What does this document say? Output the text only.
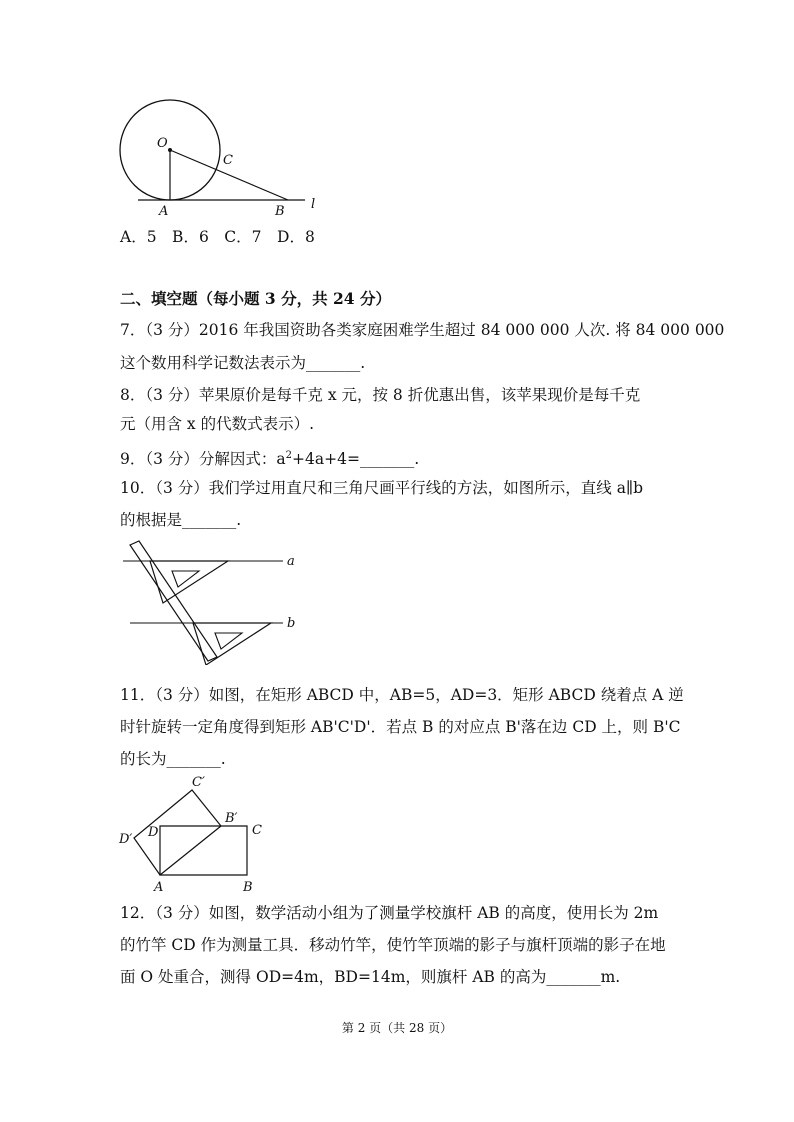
O
C
A	B l
A．5　B．6　C．7　D．8
二、填空题（每小题 3 分，共 24 分）
7．（3 分）2016 年我国资助各类家庭困难学生超过 84 000 000 人次. 将 84 000 000
这个数用科学记数法表示为_______.
8．（3 分）苹果原价是每千克 x 元，按 8 折优惠出售，该苹果现价是每千克
元（用含 x 的代数式表示）.
9．（3 分）分解因式：$a^2+4a+4=\_\_\_\_\_\_\_$.
10．（3 分）我们学过用直尺和三角尺画平行线的方法，如图所示，直线 a∥b
的根据是_______.
a
b
11．（3 分）如图，在矩形 ABCD 中，AB=5，AD=3．矩形 ABCD 绕着点 A 逆
时针旋转一定角度得到矩形 AB'C'D'．若点 B 的对应点 B'落在边 CD 上，则 B'C
的长为_______.
C′
B′
C
D′ D
A	B
12．（3 分）如图，数学活动小组为了测量学校旗杆 AB 的高度，使用长为 2m
的竹竿 CD 作为测量工具．移动竹竿，使竹竿顶端的影子与旗杆顶端的影子在地
面 O 处重合，测得 OD=4m，BD=14m，则旗杆 AB 的高为_______m.
第 2 页（共 28 页）
